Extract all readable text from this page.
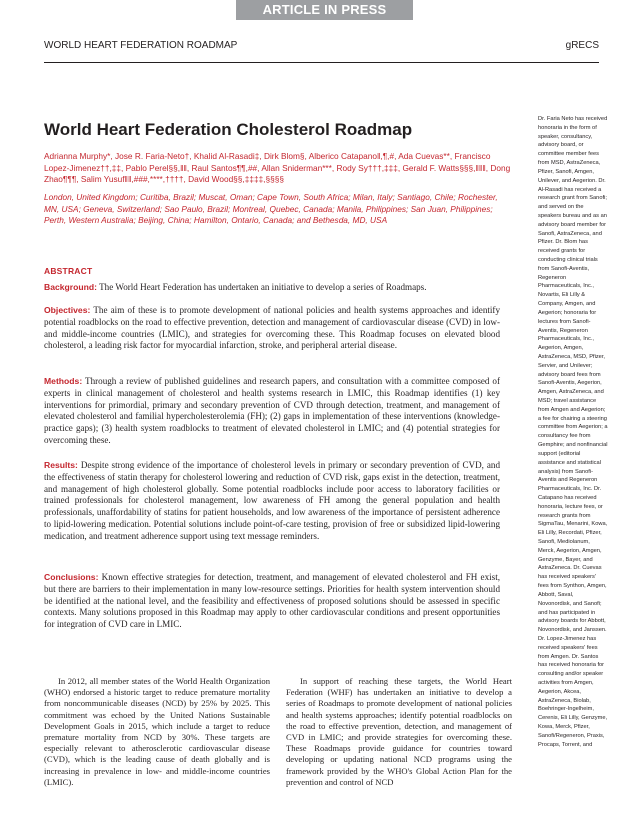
ARTICLE IN PRESS
WORLD HEART FEDERATION ROADMAP	gRECS
World Heart Federation Cholesterol Roadmap
Adrianna Murphy*, Jose R. Faria-Neto†, Khalid Al-Rasadi‡, Dirk Blom§, Alberico Catapano‖,¶,#, Ada Cuevas**, Francisco Lopez-Jimenez††,‡‡, Pablo Perel§§,‖‖, Raul Santos¶¶,##, Allan Sniderman***, Rody Sy†††,‡‡‡, Gerald F. Watts§§§,‖‖‖, Dong Zhao¶¶¶, Salim Yusuf‖‖,###,****,††††, David Wood§§,‡‡‡‡,§§§§
London, United Kingdom; Curitiba, Brazil; Muscat, Oman; Cape Town, South Africa; Milan, Italy; Santiago, Chile; Rochester, MN, USA; Geneva, Switzerland; Sao Paulo, Brazil; Montreal, Quebec, Canada; Manila, Philippines; San Juan, Philippines; Perth, Western Australia; Beijing, China; Hamilton, Ontario, Canada; and Bethesda, MD, USA
ABSTRACT

Background: The World Heart Federation has undertaken an initiative to develop a series of Roadmaps.

Objectives: The aim of these is to promote development of national policies and health systems approaches and identify potential roadblocks on the road to effective prevention, detection and management of cardiovascular disease (CVD) in low-and middle-income countries (LMIC), and strategies for overcoming these. This Roadmap focuses on elevated blood cholesterol, a leading risk factor for myocardial infarction, stroke, and peripheral arterial disease.

Methods: Through a review of published guidelines and research papers, and consultation with a committee composed of experts in clinical management of cholesterol and health systems research in LMIC, this Roadmap identifies (1) key interventions for primordial, primary and secondary prevention of CVD through detection, treatment, and management of elevated cholesterol and familial hypercholesterolemia (FH); (2) gaps in implementation of these interventions (knowledge-practice gaps); (3) health system roadblocks to treatment of elevated cholesterol in LMIC; and (4) potential strategies for overcoming these.

Results: Despite strong evidence of the importance of cholesterol levels in primary or secondary prevention of CVD, and the effectiveness of statin therapy for cholesterol lowering and reduction of CVD risk, gaps exist in the detection, treatment, and management of high cholesterol globally. Some potential roadblocks include poor access to laboratory facilities or trained professionals for cholesterol management, low awareness of FH among the general population and health professionals, unaffordability of statins for patient households, and low awareness of the importance of persistent adherence to lipid-lowering medication. Potential solutions include point-of-care testing, provision of free or subsidized lipid-lowering medication, and treatment adherence support using text message reminders.

Conclusions: Known effective strategies for detection, treatment, and management of elevated cholesterol and FH exist, but there are barriers to their implementation in many low-resource settings. Priorities for health system intervention should be identified at the national level, and the feasibility and effectiveness of proposed solutions should be assessed in specific contexts. Many solutions proposed in this Roadmap may apply to other cardiovascular conditions and present opportunities for integration of CVD care in LMIC.

In 2012, all member states of the World Health Organization (WHO) endorsed a historic target to reduce premature mortality from noncommunicable diseases (NCD) by 25% by 2025. This commitment was echoed by the United Nations Sustainable Development Goals in 2015, which include a target to reduce premature mortality from NCD by 30%. These targets are especially relevant to atherosclerotic cardiovascular disease (CVD), which is the leading cause of death globally and is increasing in prevalence in low- and middle-income countries (LMIC).

In support of reaching these targets, the World Heart Federation (WHF) has undertaken an initiative to develop a series of Roadmaps to promote development of national policies and health systems approaches; identify potential roadblocks on the road to effective prevention, detection, and management of CVD in LMIC; and provide strategies for overcoming these. These Roadmaps provide guidance for countries toward developing or updating national NCD programs using the framework provided by the WHO's Global Action Plan for the prevention and control of NCD

Dr. Faria Neto has received honoraria in the form of speaker, consultancy, advisory board, or committee member fees from MSD, AstraZeneca, Pfizer, Sanofi, Amgen, Unilever, and Aegerion. Dr. Al-Rasadi has received a research grant from Sanofi; and served on the speakers bureau and as an advisory board member for Sanofi, AstraZeneca, and Pfizer. Dr. Blom has received grants for conducting clinical trials from Sanofi-Aventis, Regeneron Pharmaceuticals, Inc., Novartis, Eli Lilly & Company, Amgen, and Aegerion; honoraria for lectures from Sanofi-Aventis, Regeneron Pharmaceuticals, Inc., Aegerion, Amgen, AstraZeneca, MSD, Pfizer, Servier, and Unilever; advisory board fees from Sanofi-Aventis, Aegerion, Amgen, AstraZeneca, and MSD; travel assistance from Amgen and Aegerion; a fee for chairing a steering committee from Aegerion; a consultancy fee from Gemphire; and nonfinancial support (editorial assistance and statistical analysis) from Sanofi-Aventis and Regeneron Pharmaceuticals, Inc. Dr. Catapano has received honoraria, lecture fees, or research grants from SigmaTau, Menarini, Kowa, Eli Lilly, Recordati, Pfizer, Sanofi, Mediolanum, Merck, Aegerion, Amgen, Genzyme, Bayer, and AstraZeneca. Dr. Cuevas has received speakers' fees from Synthon, Amgen, Abbott, Saval, Novonordisk, and Sanofi; and has participated in advisory boards for Abbott, Novonordisk, and Janssen. Dr. Lopez-Jimenez has received speakers' fees from Amgen. Dr. Santos has received honoraria for consulting and/or speaker activities from Amgen, Aegerion, Akcea, AstraZeneca, Biolab, Boehringer-Ingelheim, Cerenis, Eli Lilly, Genzyme, Kowa, Merck, Pfizer, Sanofi/Regeneron, Praxis, Procaps, Torrent, and
